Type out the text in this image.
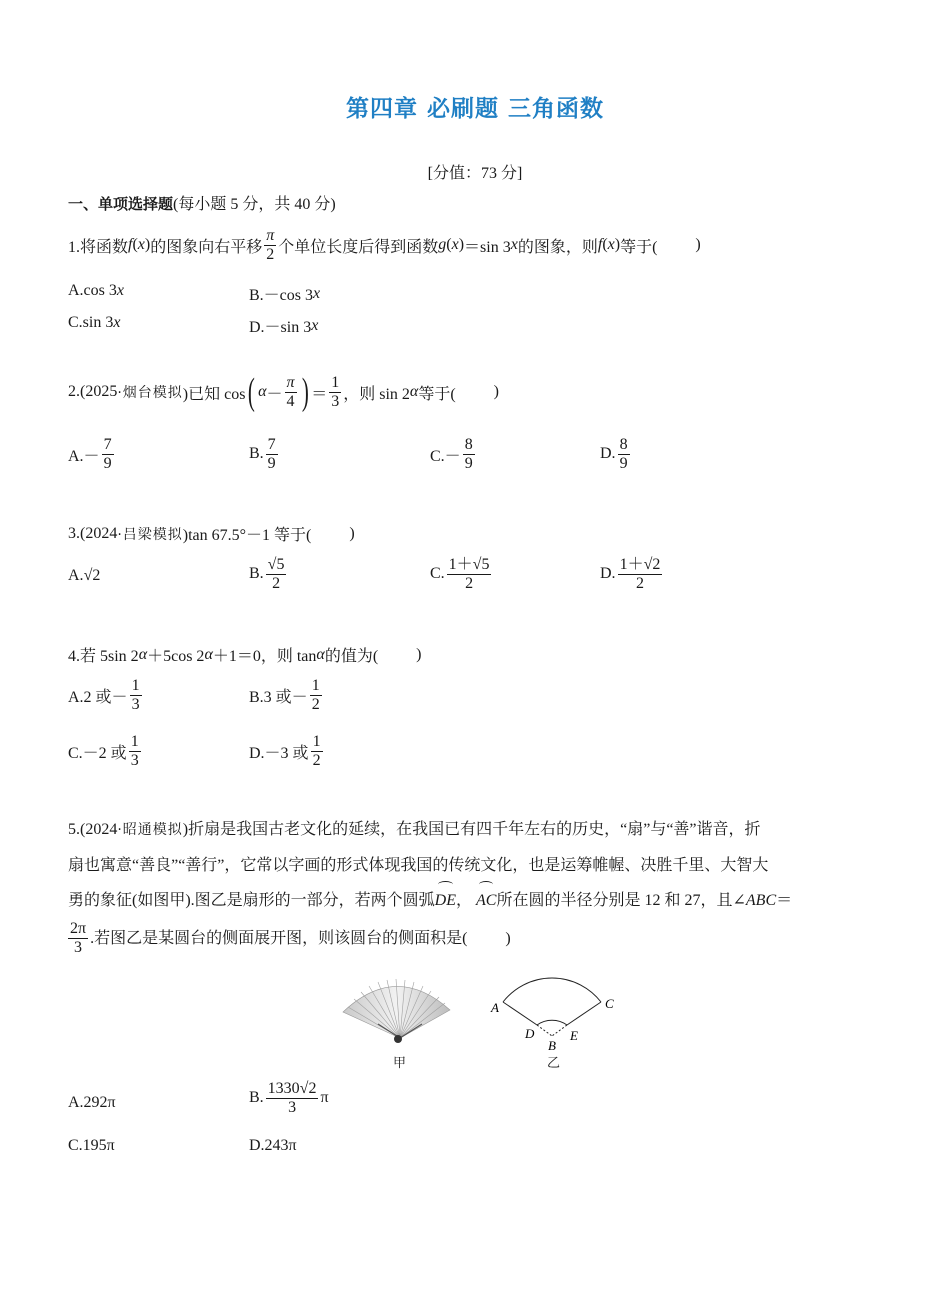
第四章 必刷题 三角函数
[分值：73 分]
一、单项选择题(每小题 5 分，共 40 分)
1.将函数 f ( x ) 的图象向右平移 $\frac{\pi}{2}$ 个单位长度后得到函数 g ( x ) ＝sin 3 x 的图象，则 f ( x ) 等于( )
A.cos 3 x	B.－cos 3 x
C.sin 3 x	D.－sin 3 x
2.( 2025 ·烟台模拟 )已知 cos ( $\alpha - \frac{\pi}{4}$ ) ＝ $\frac{1}{3}$ ，则 sin 2 α 等于( )
$A.- \frac{7}{9}$	B. $\frac{7}{9}$	$C.- \frac{8}{9}$	D. $\frac{8}{9}$
3.( 2024 ·吕梁模拟 )tan 67.5°－1 等于( )
A. √2	B. $\frac{√5}{2}$	C. $\frac{1+√5}{2}$	D. $\frac{1+√2}{2}$
4.若 5sin 2 α ＋5cos 2 α ＋1＝0，则 tan α 的值为( )
A.2 或－ $\frac{1}{3}$	B.3 或－ $\frac{1}{2}$
C.－2 或 $\frac{1}{3}$	D.－3 或 $\frac{1}{2}$
5.(2024·昭通模拟)折扇是我国古老文化的延续，在我国已有四千年左右的历史，“扇”与“善”谐音，折
扇也寓意“善良”“善行”，它常以字画的形式体现我国的传统文化，也是运筹帷幄、决胜千里、大智大
勇的象征(如图甲).图乙是扇形的一部分，若两个圆弧DE， AC所在圆的半径分别是 12 和 27，且∠ABC＝
$\frac{2\pi}{3}$ .若图乙是某圆台的侧面展开图，则该圆台的侧面积是( )
甲
A	C
D	E
B
乙
A.292π	B. $\frac{1330√2}{3}$ π
C.195π	D.243π
